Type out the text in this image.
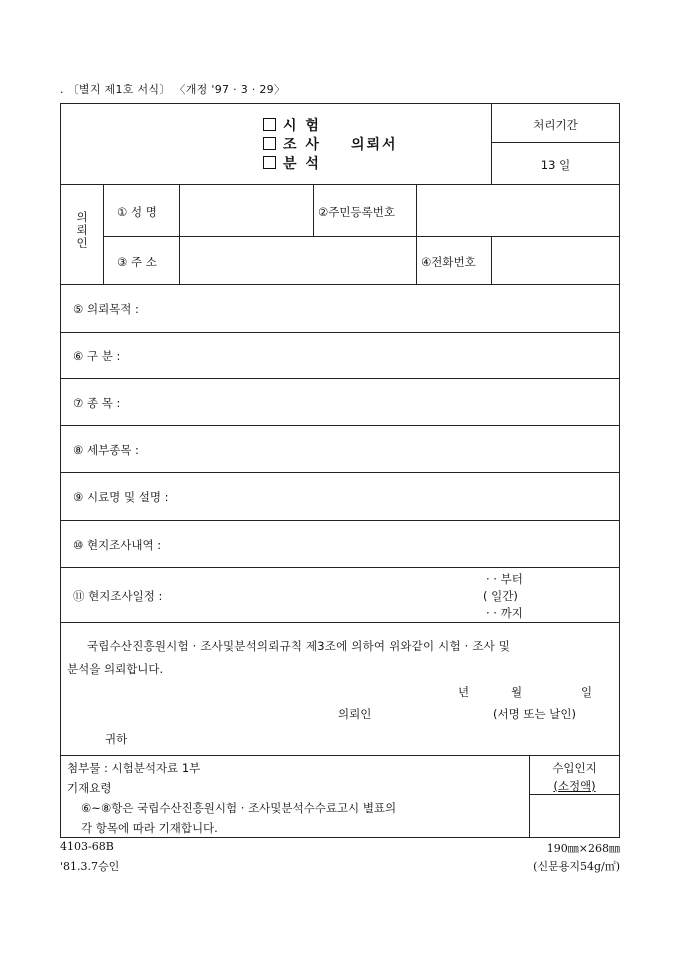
. 〔별지 제1호 서식〕 〈개정 '97 · 3 · 29〉
시 험
조 사 의뢰서
분 석
처리기간
13 일
의
뢰
인
① 성 명	②주민등록번호
③ 주 소	④전화번호
⑤ 의뢰목적 :
⑥ 구 분 :
⑦ 종 목 :
⑧ 세부종목 :
⑨ 시료명 및 설명 :
⑩ 현지조사내역 :
⑪ 현지조사일정 :
· · 부터
( 일간)
· · 까지
국립수산진흥원시험 · 조사및분석의뢰규칙 제3조에 의하여 위와같이 시험 · 조사 및
분석을 의뢰합니다.
년	월	일
의뢰인	(서명 또는 날인)
귀하
첨부물 : 시험분석자료 1부
기재요령
⑥~⑧항은 국립수산진흥원시험 · 조사및분석수수료고시 별표의
각 항목에 따라 기재합니다.
수입인지
(소정액)
4103-68B
'81.3.7승인
190㎜×268㎜
(신문용지54g/㎡)
